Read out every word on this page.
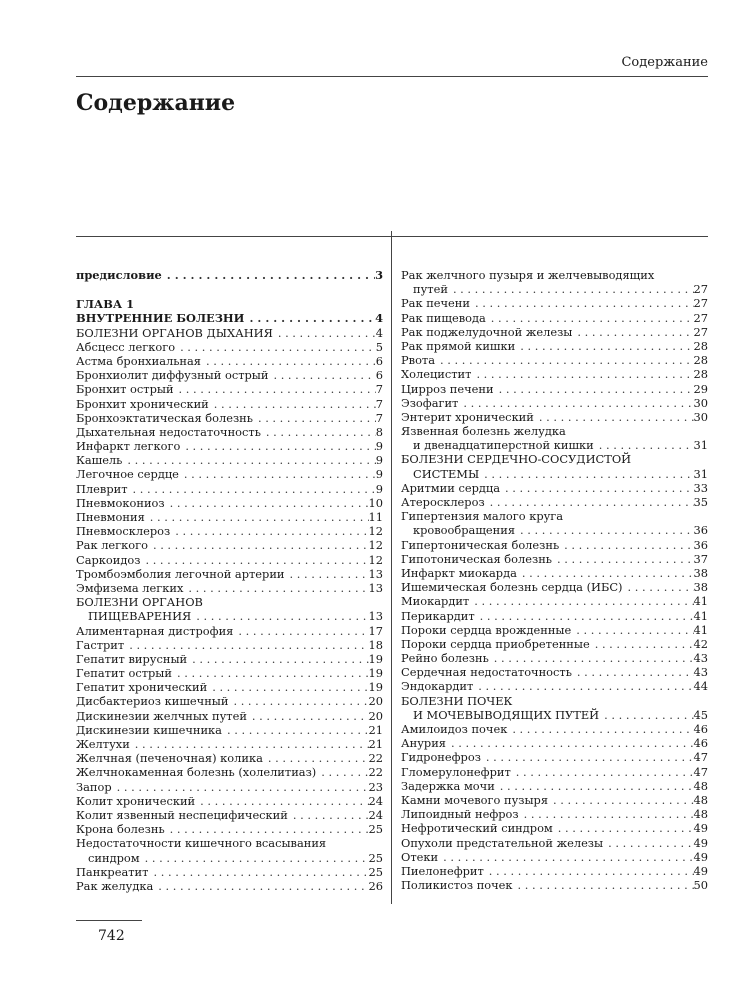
Содержание
Содержание
предисловие . . .	3
ГЛАВА 1
ВНУТРЕННИЕ БОЛЕЗНИ . . .	4
БОЛЕЗНИ ОРГАНОВ ДЫХАНИЯ . . .	4
Абсцесс легкого . . .	5
Астма бронхиальная . . .	6
Бронхиолит диффузный острый . . .	6
Бронхит острый . . .	7
Бронхит хронический . . .	7
Бронхоэктатическая болезнь . . .	7
Дыхательная недостаточность . . .	8
Инфаркт легкого . . .	9
Кашель . . .	9
Легочное сердце . . .	9
Плеврит . . .	9
Пневмокониоз . . .	10
Пневмония . . .	11
Пневмосклероз . . .	12
Рак легкого . . .	12
Саркоидоз . . .	12
Тромбоэмболия легочной артерии . . .	13
Эмфизема легких . . .	13
БОЛЕЗНИ ОРГАНОВ
ПИЩЕВАРЕНИЯ . . .	13
Алиментарная дистрофия . . .	17
Гастрит . . .	18
Гепатит вирусный . . .	19
Гепатит острый . . .	19
Гепатит хронический . . .	19
Дисбактериоз кишечный . . .	20
Дискинезии желчных путей . . .	20
Дискинезии кишечника . . .	21
Желтухи . . .	21
Желчная (печеночная) колика . . .	22
Желчнокаменная болезнь (холелитиаз) . . .	22
Запор . . .	23
Колит хронический . . .	24
Колит язвенный неспецифический . . .	24
Крона болезнь . . .	25
Недостаточности кишечного всасывания
синдром . . .	25
Панкреатит . . .	25
Рак желудка . . .	26
Рак желчного пузыря и желчевыводящих
путей . . .	27
Рак печени . . .	27
Рак пищевода . . .	27
Рак поджелудочной железы . . .	27
Рак прямой кишки . . .	28
Рвота . . .	28
Холецистит . . .	28
Цирроз печени . . .	29
Эзофагит . . .	30
Энтерит хронический . . .	30
Язвенная болезнь желудка
и двенадцатиперстной кишки . . .	31
БОЛЕЗНИ СЕРДЕЧНО-СОСУДИСТОЙ
СИСТЕМЫ . . .	31
Аритмии сердца . . .	33
Атеросклероз . . .	35
Гипертензия малого круга
кровообращения . . .	36
Гипертоническая болезнь . . .	36
Гипотоническая болезнь . . .	37
Инфаркт миокарда . . .	38
Ишемическая болезнь сердца (ИБС) . . .	38
Миокардит . . .	41
Перикардит . . .	41
Пороки сердца врожденные . . .	41
Пороки сердца приобретенные . . .	42
Рейно болезнь . . .	43
Сердечная недостаточность . . .	43
Эндокардит . . .	44
БОЛЕЗНИ ПОЧЕК
И МОЧЕВЫВОДЯЩИХ ПУТЕЙ . . .	45
Амилоидоз почек . . .	46
Анурия . . .	46
Гидронефроз . . .	47
Гломерулонефрит . . .	47
Задержка мочи . . .	48
Камни мочевого пузыря . . .	48
Липоидный нефроз . . .	48
Нефротический синдром . . .	49
Опухоли предстательной железы . . .	49
Отеки . . .	49
Пиелонефрит . . .	49
Поликистоз почек . . .	50
742
